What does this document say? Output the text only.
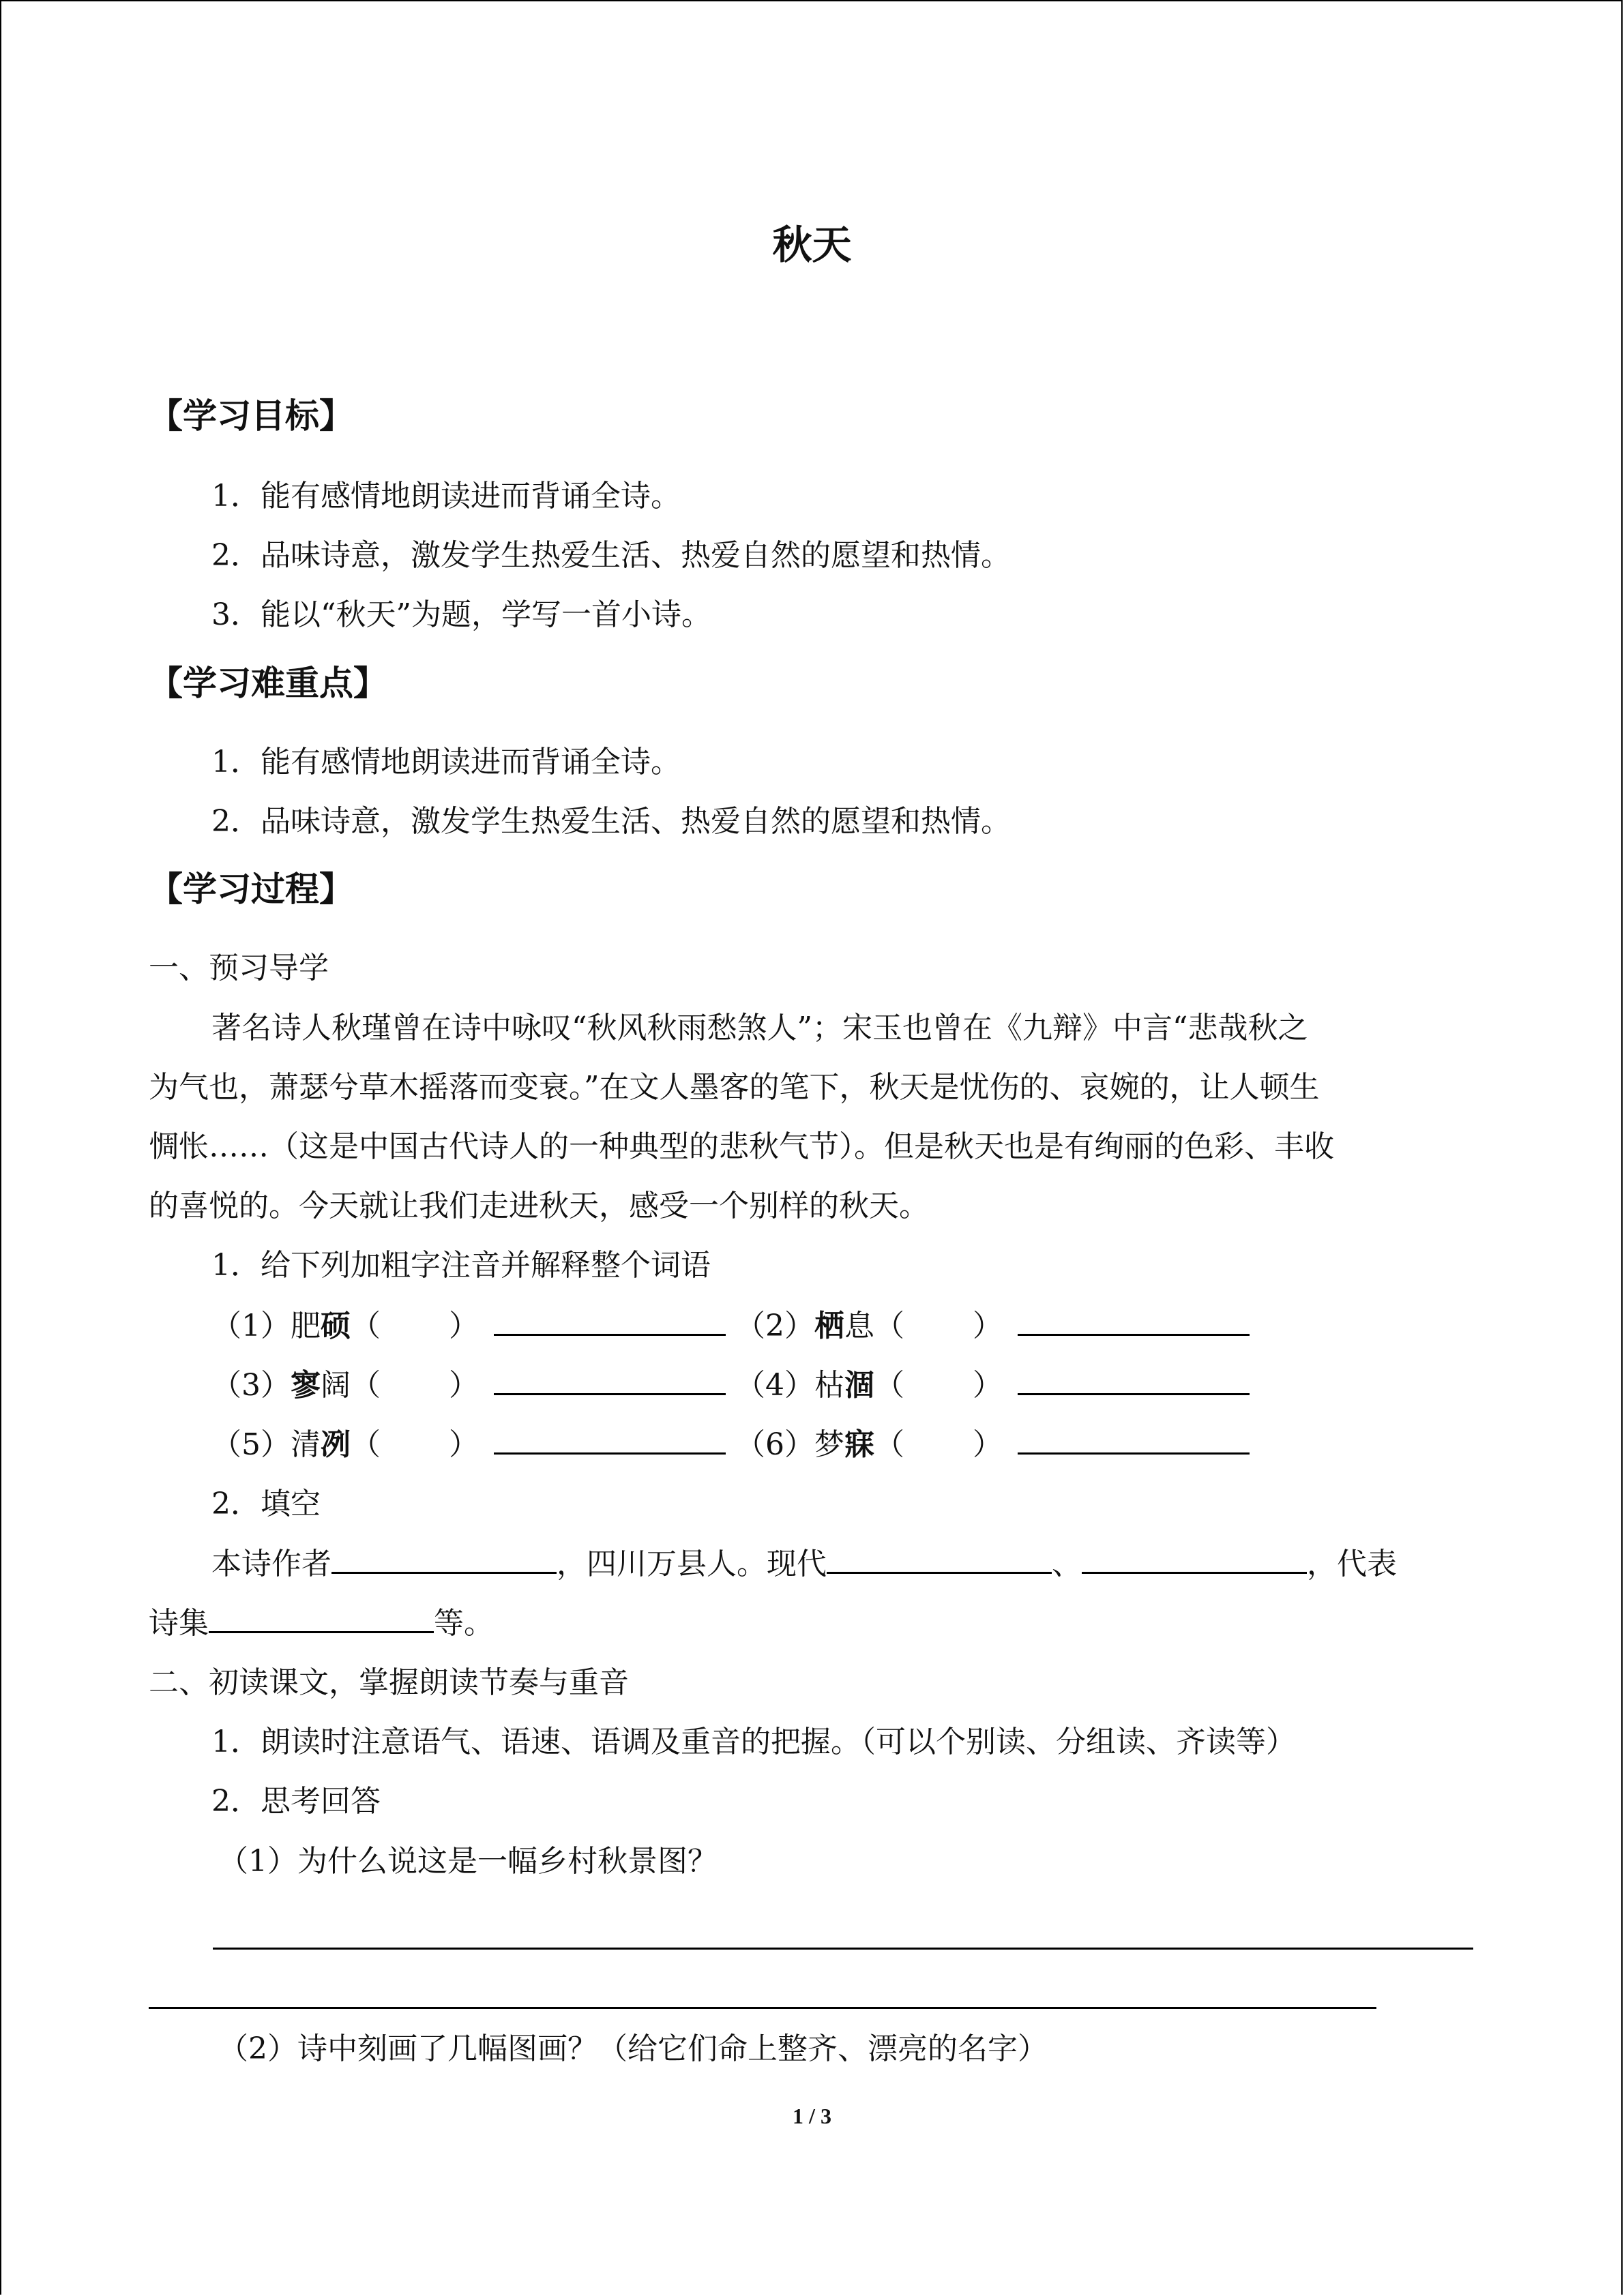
秋天
【学习目标】
1．能有感情地朗读进而背诵全诗。
2．品味诗意，激发学生热爱生活、热爱自然的愿望和热情。
3．能以“秋天”为题，学写一首小诗。
【学习难重点】
1．能有感情地朗读进而背诵全诗。
2．品味诗意，激发学生热爱生活、热爱自然的愿望和热情。
【学习过程】
一、预习导学
著名诗人秋瑾曾在诗中咏叹“秋风秋雨愁煞人”；宋玉也曾在《九辩》中言“悲哉秋之
为气也，萧瑟兮草木摇落而变衰。”在文人墨客的笔下，秋天是忧伤的、哀婉的，让人顿生
惆怅……（这是中国古代诗人的一种典型的悲秋气节）。但是秋天也是有绚丽的色彩、丰收
的喜悦的。今天就让我们走进秋天，感受一个别样的秋天。
1．给下列加粗字注音并解释整个词语
（1）肥硕（ ）	（2）栖息（ ）
（3）寥阔（ ）	（4）枯涸（ ）
（5）清冽（ ）	（6）梦寐（ ）
2．填空
本诗作者	，四川万县人。现代	、	，代表
诗集	等。
二、初读课文，掌握朗读节奏与重音
1．朗读时注意语气、语速、语调及重音的把握。（可以个别读、分组读、齐读等）
2．思考回答
（1）为什么说这是一幅乡村秋景图？
（2）诗中刻画了几幅图画？（给它们命上整齐、漂亮的名字）
1 / 3
